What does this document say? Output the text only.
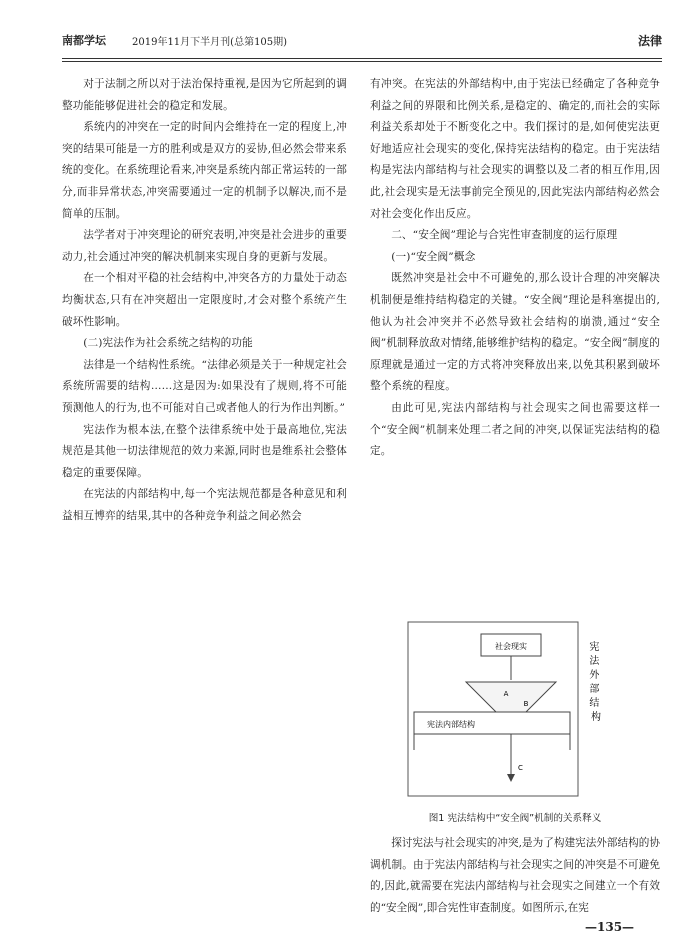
南都学坛	2019年11月下半月刊(总第105期)	法律

对于法制之所以对于法治保持重视,是因为它所起到的调整功能能够促进社会的稳定和发展。

系统内的冲突在一定的时间内会维持在一定的程度上,冲突的结果可能是一方的胜利或是双方的妥协,但必然会带来系统的变化。在系统理论看来,冲突是系统内部正常运转的一部分,而非异常状态,冲突需要通过一定的机制予以解决,而不是简单的压制。

法学者对于冲突理论的研究表明,冲突是社会进步的重要动力,社会通过冲突的解决机制来实现自身的更新与发展。

在一个相对平稳的社会结构中,冲突各方的力量处于动态均衡状态,只有在冲突超出一定限度时,才会对整个系统产生破坏性影响。

(二)宪法作为社会系统之结构的功能

法律是一个结构性系统。“法律必须是关于一种规定社会系统所需要的结构……这是因为:如果没有了规则,将不可能预测他人的行为,也不可能对自己或者他人的行为作出判断。”

宪法作为根本法,在整个法律系统中处于最高地位,宪法规范是其他一切法律规范的效力来源,同时也是维系社会整体稳定的重要保障。

在宪法的内部结构中,每一个宪法规范都是各种意见和利益相互博弈的结果,其中的各种竞争利益之间必然会

有冲突。在宪法的外部结构中,由于宪法已经确定了各种竞争利益之间的界限和比例关系,是稳定的、确定的,而社会的实际利益关系却处于不断变化之中。我们探讨的是,如何使宪法更好地适应社会现实的变化,保持宪法结构的稳定。由于宪法结构是宪法内部结构与社会现实的调整以及二者的相互作用,因此,社会现实是无法事前完全预见的,因此宪法内部结构必然会对社会变化作出反应。

二、“安全阀”理论与合宪性审查制度的运行原理

(一)“安全阀”概念

既然冲突是社会中不可避免的,那么设计合理的冲突解决机制便是维持结构稳定的关键。“安全阀”理论是科塞提出的,他认为社会冲突并不必然导致社会结构的崩溃,通过“安全阀”机制释放敌对情绪,能够维护结构的稳定。“安全阀”制度的原理就是通过一定的方式将冲突释放出来,以免其积累到破坏整个系统的程度。

由此可见,宪法内部结构与社会现实之间也需要这样一个“安全阀”机制来处理二者之间的冲突,以保证宪法结构的稳定。

社会现实
A
B
宪法内部结构
C
宪 法 外 部 结 构
图1 宪法结构中“安全阀”机制的关系释义

探讨宪法与社会现实的冲突,是为了构建宪法外部结构的协调机制。由于宪法内部结构与社会现实之间的冲突是不可避免的,因此,就需要在宪法内部结构与社会现实之间建立一个有效的“安全阀”,即合宪性审查制度。如图所示,在宪

—135—
